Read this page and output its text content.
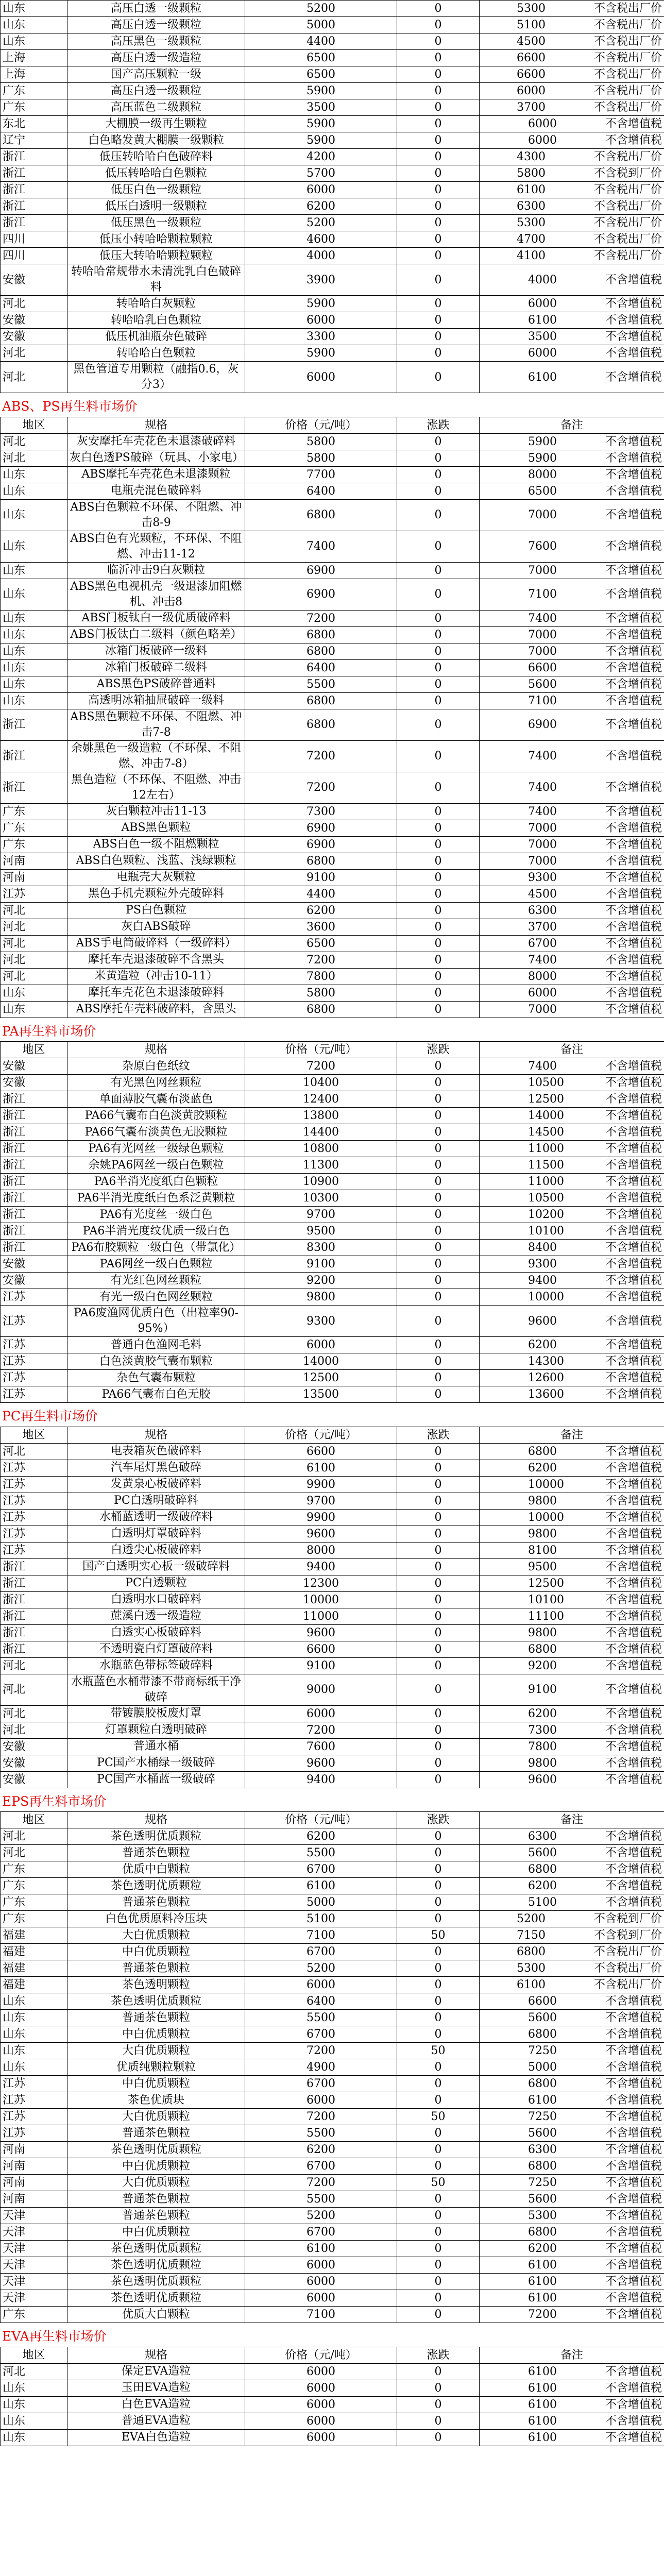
山东	高压白透一级颗粒	5200	0	5300 不含税出厂价
山东	高压白透一级颗粒	5000	0	5100 不含税出厂价
山东	高压黑色一级颗粒	4400	0	4500 不含税出厂价
上海	高压白透一级造粒	6500	0	6600 不含税出厂价
上海	国产高压颗粒一级	6500	0	6600 不含税出厂价
广东	高压白透一级颗粒	5900	0	6000 不含税出厂价
广东	高压蓝色二级颗粒	3500	0	3700 不含税出厂价
东北	大棚膜一级再生颗粒	5900	0	6000 不含增值税
辽宁	白色略发黄大棚膜一级颗粒	5900	0	6000 不含增值税
浙江	低压转哈哈白色破碎料	4200	0	4300 不含税出厂价
浙江	低压转哈哈白色颗粒	5700	0	5800 不含税到厂价
浙江	低压白色一级颗粒	6000	0	6100 不含税出厂价
浙江	低压白透明一级颗粒	6200	0	6300 不含税出厂价
浙江	低压黑色一级颗粒	5200	0	5300 不含税出厂价
四川	低压小转哈哈颗粒颗粒	4600	0	4700 不含税出厂价
四川	低压大转哈哈颗粒颗粒	4000	0	4100 不含税出厂价
安徽	转哈哈常规带水未清洗乳白色破碎料	3900	0	4000 不含增值税
河北	转哈哈白灰颗粒	5900	0	6000 不含增值税
安徽	转哈哈乳白色颗粒	6000	0	6100 不含增值税
安徽	低压机油瓶杂色破碎	3300	0	3500 不含增值税
河北	转哈哈白色颗粒	5900	0	6000 不含增值税
河北	黑色管道专用颗粒（融指0.6，灰分3）	6000	0	6100 不含增值税
ABS、PS再生料市场价
地区	规格	价格（元/吨）	涨跌	备注
河北	灰安摩托车壳花色未退漆破碎料	5800	0	5900 不含增值税
河北	灰白色透PS破碎（玩具、小家电）	5800	0	5900 不含增值税
山东	ABS摩托车壳花色未退漆颗粒	7700	0	8000 不含增值税
山东	电瓶壳混色破碎料	6400	0	6500 不含增值税
山东	ABS白色颗粒不环保、不阻燃、冲击8-9	6800	0	7000 不含增值税
山东	ABS白色有光颗粒，不环保、不阻燃、冲击11-12	7400	0	7600 不含增值税
山东	临沂冲击9白灰颗粒	6900	0	7000 不含增值税
山东	ABS黑色电视机壳一级退漆加阻燃机、冲击8	6900	0	7100 不含增值税
山东	ABS门板钛白一级优质破碎料	7200	0	7400 不含增值税
山东	ABS门板钛白二级料（颜色略差）	6800	0	7000 不含增值税
山东	冰箱门板破碎一级料	6800	0	7000 不含增值税
山东	冰箱门板破碎二级料	6400	0	6600 不含增值税
山东	ABS黑色PS破碎普通料	5500	0	5600 不含增值税
山东	高透明冰箱抽屉破碎一级料	6800	0	7100 不含增值税
浙江	ABS黑色颗粒不环保、不阻燃、冲击7-8	6800	0	6900 不含增值税
浙江	余姚黑色一级造粒（不环保、不阻燃、冲击7-8）	7200	0	7400 不含增值税
浙江	黑色造粒（不环保、不阻燃、冲击12左右）	7200	0	7400 不含增值税
广东	灰白颗粒冲击11-13	7300	0	7400 不含增值税
广东	ABS黑色颗粒	6900	0	7000 不含增值税
广东	ABS白色一级不阻燃颗粒	6900	0	7000 不含增值税
河南	ABS白色颗粒、浅蓝、浅绿颗粒	6800	0	7000 不含增值税
河南	电瓶壳大灰颗粒	9100	0	9300 不含增值税
江苏	黑色手机壳颗粒外壳破碎料	4400	0	4500 不含增值税
河北	PS白色颗粒	6200	0	6300 不含增值税
河北	灰白ABS破碎	3600	0	3700 不含增值税
河北	ABS手电筒破碎料（一级碎料）	6500	0	6700 不含增值税
河北	摩托车壳退漆破碎不含黑头	7200	0	7400 不含增值税
河北	米黄造粒（冲击10-11）	7800	0	8000 不含增值税
山东	摩托车壳花色未退漆破碎料	5800	0	6000 不含增值税
山东	ABS摩托车壳料破碎料，含黑头	6800	0	7000 不含增值税
PA再生料市场价
地区	规格	价格（元/吨）	涨跌	备注
安徽	杂原白色纸纹	7200	0	7400 不含增值税
安徽	有光黑色网丝颗粒	10400	0	10500 不含增值税
浙江	单面薄胶气囊布淡蓝色	12400	0	12500 不含增值税
浙江	PA66气囊布白色淡黄胶颗粒	13800	0	14000 不含增值税
浙江	PA66气囊布淡黄色无胶颗粒	14400	0	14500 不含增值税
浙江	PA6有光网丝一级绿色颗粒	10800	0	11000 不含增值税
浙江	余姚PA6网丝一级白色颗粒	11300	0	11500 不含增值税
浙江	PA6半消光度纸白色颗粒	10900	0	11000 不含增值税
浙江	PA6半消光度纸白色系泛黄颗粒	10300	0	10500 不含增值税
浙江	PA6有光度丝一级白色	9700	0	10200 不含增值税
浙江	PA6半消光度纹优质一级白色	9500	0	10100 不含增值税
浙江	PA6布胶颗粒一级白色（带氯化）	8300	0	8400 不含增值税
安徽	PA6网丝一级白色颗粒	9100	0	9300 不含增值税
安徽	有光红色网丝颗粒	9200	0	9400 不含增值税
江苏	有光一级白色网丝颗粒	9800	0	10000 不含增值税
江苏	PA6废渔网优质白色（出粒率90-95%）	9300	0	9600 不含增值税
江苏	普通白色渔网毛料	6000	0	6200 不含增值税
江苏	白色淡黄胶气囊布颗粒	14000	0	14300 不含增值税
江苏	杂色气囊布颗粒	12500	0	12600 不含增值税
江苏	PA66气囊布白色无胶	13500	0	13600 不含增值税
PC再生料市场价
地区	规格	价格（元/吨）	涨跌	备注
河北	电表箱灰色破碎料	6600	0	6800 不含增值税
江苏	汽车尾灯黑色破碎	6100	0	6200 不含增值税
江苏	发黄泉心板破碎料	9900	0	10000 不含增值税
江苏	PC白透明破碎料	9700	0	9800 不含增值税
江苏	水桶蓝透明一级破碎料	9900	0	10000 不含增值税
江苏	白透明灯罩破碎料	9600	0	9800 不含增值税
江苏	白透尖心板破碎料	8000	0	8100 不含增值税
浙江	国产白透明实心板一级破碎料	9400	0	9500 不含增值税
浙江	PC白透颗粒	12300	0	12500 不含增值税
浙江	白透明水口破碎料	10000	0	10100 不含增值税
浙江	蔗溪白透一级造粒	11000	0	11100 不含增值税
浙江	白透实心板破碎料	9600	0	9800 不含增值税
浙江	不透明瓷白灯罩破碎料	6600	0	6800 不含增值税
河北	水瓶蓝色带标签破碎料	9100	0	9200 不含增值税
河北	水瓶蓝色水桶带漆不带商标纸干净破碎	9000	0	9100 不含增值税
河北	带镀膜胶板废灯罩	6000	0	6200 不含增值税
河北	灯罩颗粒白透明破碎	7200	0	7300 不含增值税
安徽	普通水桶	7600	0	7800 不含增值税
安徽	PC国产水桶绿一级破碎	9600	0	9800 不含增值税
安徽	PC国产水桶蓝一级破碎	9400	0	9600 不含增值税
EPS再生料市场价
地区	规格	价格（元/吨）	涨跌	备注
河北	茶色透明优质颗粒	6200	0	6300 不含增值税
河北	普通茶色颗粒	5500	0	5600 不含增值税
广东	优质中白颗粒	6700	0	6800 不含增值税
广东	茶色透明优质颗粒	6100	0	6200 不含增值税
广东	普通茶色颗粒	5000	0	5100 不含增值税
广东	白色优质原料冷压块	5100	0	5200 不含税到厂价
福建	大白优质颗粒	7100	50	7150 不含税到厂价
福建	中白优质颗粒	6700	0	6800 不含税出厂价
福建	普通茶色颗粒	5200	0	5300 不含税出厂价
福建	茶色透明颗粒	6000	0	6100 不含税出厂价
山东	茶色透明优质颗粒	6400	0	6600 不含增值税
山东	普通茶色颗粒	5500	0	5600 不含增值税
山东	中白优质颗粒	6700	0	6800 不含增值税
山东	大白优质颗粒	7200	50	7250 不含增值税
山东	优质纯颗粒颗粒	4900	0	5000 不含增值税
江苏	中白优质颗粒	6700	0	6800 不含增值税
江苏	茶色优质块	6000	0	6100 不含增值税
江苏	大白优质颗粒	7200	50	7250 不含增值税
江苏	普通茶色颗粒	5500	0	5600 不含增值税
河南	茶色透明优质颗粒	6200	0	6300 不含增值税
河南	中白优质颗粒	6700	0	6800 不含增值税
河南	大白优质颗粒	7200	50	7250 不含增值税
河南	普通茶色颗粒	5500	0	5600 不含增值税
天津	普通茶色颗粒	5200	0	5300 不含增值税
天津	中白优质颗粒	6700	0	6800 不含增值税
天津	茶色透明优质颗粒	6100	0	6200 不含增值税
天津	茶色透明优质颗粒	6000	0	6100 不含增值税
天津	茶色透明优质颗粒	6000	0	6100 不含增值税
天津	茶色透明优质颗粒	6000	0	6100 不含增值税
广东	优质大白颗粒	7100	0	7200 不含增值税
EVA再生料市场价
地区	规格	价格（元/吨）	涨跌	备注
河北	保定EVA造粒	6000	0	6100 不含增值税
山东	玉田EVA造粒	6000	0	6100 不含增值税
山东	白色EVA造粒	6000	0	6100 不含增值税
山东	普通EVA造粒	6000	0	6100 不含增值税
山东	EVA白色造粒	6000	0	6100 不含增值税
